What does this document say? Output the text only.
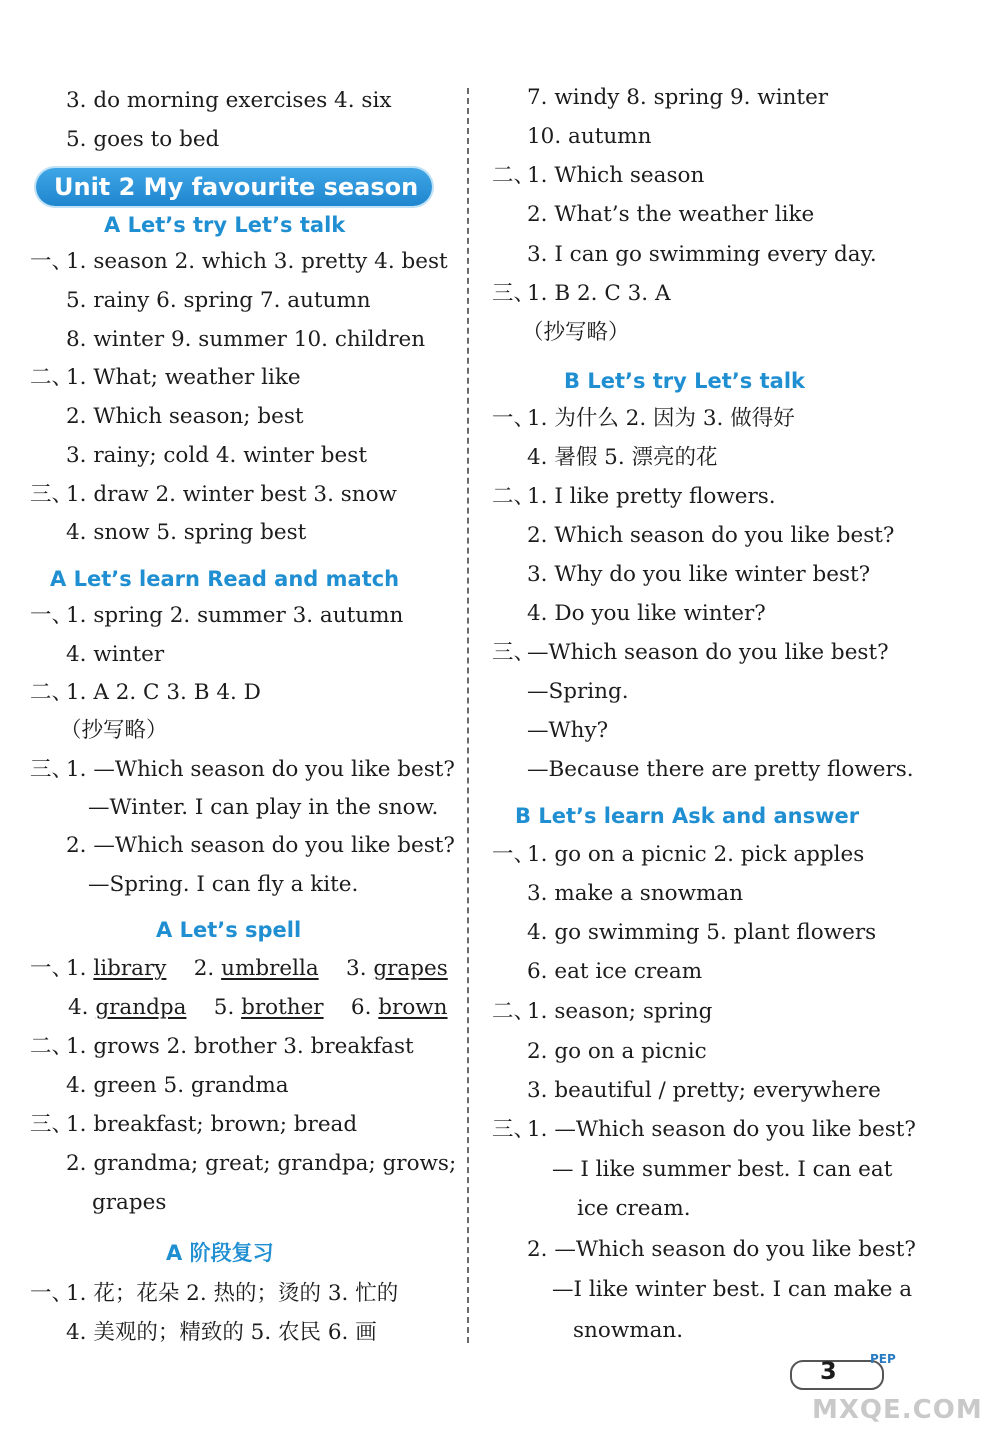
3. do morning exercises 4. six
5. goes to bed
Unit 2 My favourite season
A Let’s try Let’s talk
一、
1. season 2. which 3. pretty 4. best
5. rainy 6. spring 7. autumn
8. winter 9. summer 10. children
二、
1. What; weather like
2. Which season; best
3. rainy; cold 4. winter best
三、
1. draw 2. winter best 3. snow
4. snow 5. spring best
A Let’s learn Read and match
一、
1. spring 2. summer 3. autumn
4. winter
二、
1. A 2. C 3. B 4. D
（抄写略）
三、
1. —Which season do you like best?
—Winter. I can play in the snow.
2. —Which season do you like best?
—Spring. I can fly a kite.
A Let’s spell
一、
1. library    2. umbrella    3. grapes
4. grandpa    5. brother    6. brown
二、
1. grows 2. brother 3. breakfast
4. green 5. grandma
三、
1. breakfast; brown; bread
2. grandma; great; grandpa; grows;
grapes
A 阶段复习
一、
1. 花；花朵 2. 热的；烫的 3. 忙的
4. 美观的；精致的 5. 农民 6. 画
7. windy 8. spring 9. winter
10. autumn
二、
1. Which season
2. What’s the weather like
3. I can go swimming every day.
三、
1. B 2. C 3. A
（抄写略）
B Let’s try Let’s talk
一、
1. 为什么 2. 因为 3. 做得好
4. 暑假 5. 漂亮的花
二、
1. I like pretty flowers.
2. Which season do you like best?
3. Why do you like winter best?
4. Do you like winter?
三、
—Which season do you like best?
—Spring.
—Why?
—Because there are pretty flowers.
B Let’s learn Ask and answer
一、
1. go on a picnic 2. pick apples
3. make a snowman
4. go swimming 5. plant flowers
6. eat ice cream
二、
1. season; spring
2. go on a picnic
3. beautiful / pretty; everywhere
三、
1. —Which season do you like best?
— I like summer best. I can eat
ice cream.
2. —Which season do you like best?
—I like winter best. I can make a
snowman.
3	PEP
MXQE.COM
